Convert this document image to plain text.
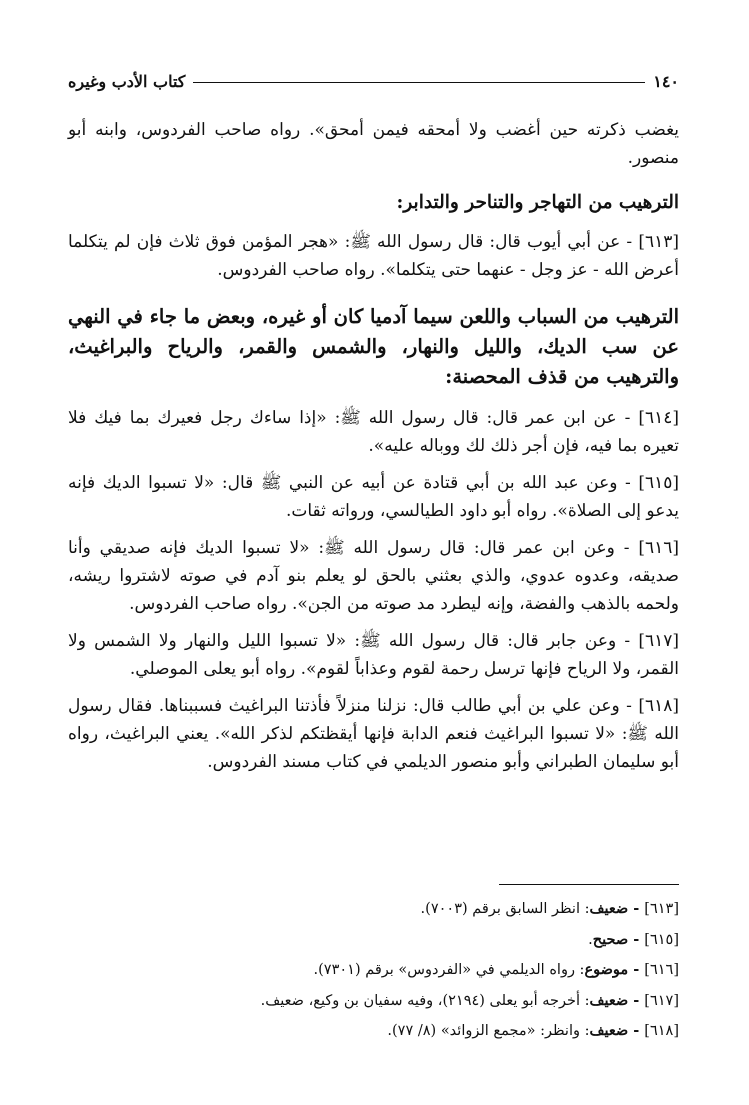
١٤٠
كتاب الأدب وغيره

يغضب ذكرته حين أغضب ولا أمحقه فيمن أمحق». رواه صاحب الفردوس، وابنه أبو منصور.

الترهيب من التهاجر والتناحر والتدابر:

[٦١٣] - عن أبي أيوب قال: قال رسول الله ﷺ: «هجر المؤمن فوق ثلاث فإن لم يتكلما أعرض الله - عز وجل - عنهما حتى يتكلما». رواه صاحب الفردوس.

الترهيب من السباب واللعن سيما آدميا كان أو غيره، وبعض ما جاء في النهي عن سب الديك، والليل والنهار، والشمس والقمر، والرياح والبراغيث، والترهيب من قذف المحصنة:

[٦١٤] - عن ابن عمر قال: قال رسول الله ﷺ: «إذا ساءك رجل فعيرك بما فيك فلا تعيره بما فيه، فإن أجر ذلك لك ووباله عليه».

[٦١٥] - وعن عبد الله بن أبي قتادة عن أبيه عن النبي ﷺ قال: «لا تسبوا الديك فإنه يدعو إلى الصلاة». رواه أبو داود الطيالسي، ورواته ثقات.

[٦١٦] - وعن ابن عمر قال: قال رسول الله ﷺ: «لا تسبوا الديك فإنه صديقي وأنا صديقه، وعدوه عدوي، والذي بعثني بالحق لو يعلم بنو آدم في صوته لاشتروا ريشه، ولحمه بالذهب والفضة، وإنه ليطرد مد صوته من الجن». رواه صاحب الفردوس.

[٦١٧] - وعن جابر قال: قال رسول الله ﷺ: «لا تسبوا الليل والنهار ولا الشمس ولا القمر، ولا الرياح فإنها ترسل رحمة لقوم وعذاباً لقوم». رواه أبو يعلى الموصلي.

[٦١٨] - وعن علي بن أبي طالب قال: نزلنا منزلاً فأذتنا البراغيث فسببناها. فقال رسول الله ﷺ: «لا تسبوا البراغيث فنعم الدابة فإنها أيقظتكم لذكر الله». يعني البراغيث، رواه أبو سليمان الطبراني وأبو منصور الديلمي في كتاب مسند الفردوس.

[٦١٣] - ضعيف: انظر السابق برقم (٧٠٠٣).
[٦١٥] - صحيح.
[٦١٦] - موضوع: رواه الديلمي في «الفردوس» برقم (٧٣٠١).
[٦١٧] - ضعيف: أخرجه أبو يعلى (٢١٩٤)، وفيه سفيان بن وكيع، ضعيف.
[٦١٨] - ضعيف: وانظر: «مجمع الزوائد» (٨/ ٧٧).
